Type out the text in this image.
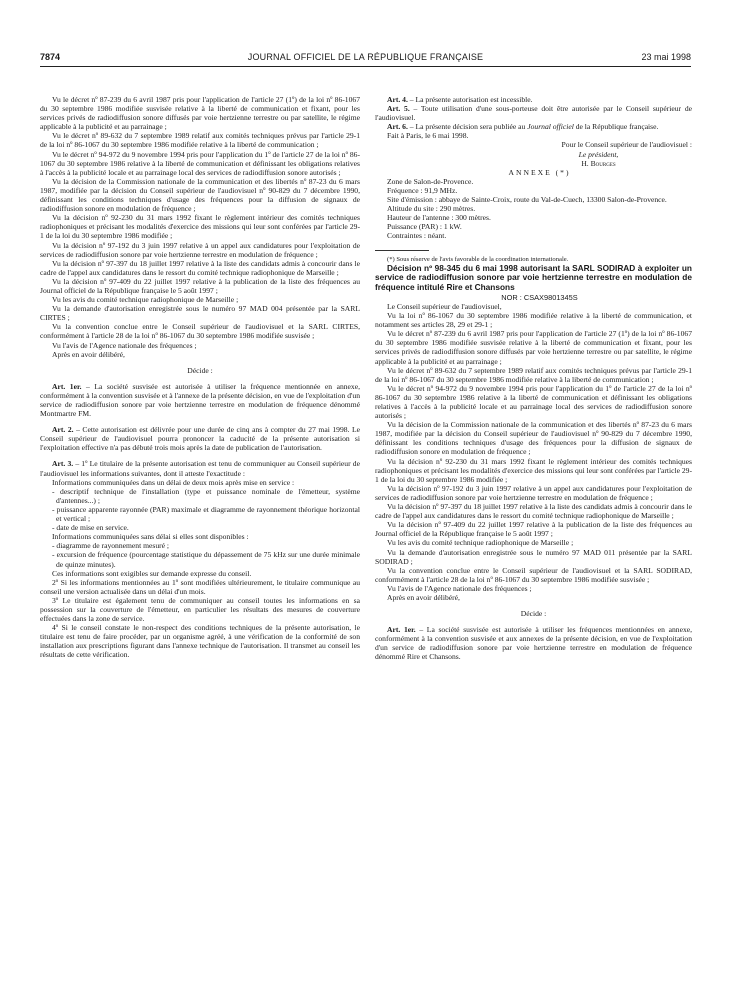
7874	JOURNAL OFFICIEL DE LA RÉPUBLIQUE FRANÇAISE	23 mai 1998

Vu le décret nº 87-239 du 6 avril 1987 pris pour l'application de l'article 27 (1º) de la loi nº 86-1067 du 30 septembre 1986 modifiée susvisée relative à la liberté de communication et fixant, pour les services privés de radiodiffusion sonore diffusés par voie hertzienne terrestre ou par satellite, le régime applicable à la publicité et au parrainage ;

Vu le décret nº 89-632 du 7 septembre 1989 relatif aux comités techniques prévus par l'article 29-1 de la loi nº 86-1067 du 30 septembre 1986 modifiée relative à la liberté de communication ;

Vu le décret nº 94-972 du 9 novembre 1994 pris pour l'application du 1º de l'article 27 de la loi nº 86-1067 du 30 septembre 1986 relative à la liberté de communication et définissant les obligations relatives à l'accès à la publicité locale et au parrainage local des services de radiodiffusion sonore autorisés ;

Vu la décision de la Commission nationale de la communication et des libertés nº 87-23 du 6 mars 1987, modifiée par la décision du Conseil supérieur de l'audiovisuel nº 90-829 du 7 décembre 1990, définissant les conditions techniques d'usage des fréquences pour la diffusion de signaux de radiodiffusion sonore en modulation de fréquence ;

Vu la décision nº 92-230 du 31 mars 1992 fixant le règlement intérieur des comités techniques radiophoniques et précisant les modalités d'exercice des missions qui leur sont conférées par l'article 29-1 de la loi du 30 septembre 1986 modifiée ;

Vu la décision nº 97-192 du 3 juin 1997 relative à un appel aux candidatures pour l'exploitation de services de radiodiffusion sonore par voie hertzienne terrestre en modulation de fréquence ;

Vu la décision nº 97-397 du 18 juillet 1997 relative à la liste des candidats admis à concourir dans le cadre de l'appel aux candidatures dans le ressort du comité technique radiophonique de Marseille ;

Vu la décision nº 97-409 du 22 juillet 1997 relative à la publication de la liste des fréquences au Journal officiel de la République française le 5 août 1997 ;

Vu les avis du comité technique radiophonique de Marseille ;

Vu la demande d'autorisation enregistrée sous le numéro 97 MAD 004 présentée par la SARL CIRTES ;

Vu la convention conclue entre le Conseil supérieur de l'audiovisuel et la SARL CIRTES, conformément à l'article 28 de la loi nº 86-1067 du 30 septembre 1986 modifiée susvisée ;

Vu l'avis de l'Agence nationale des fréquences ;

Après en avoir délibéré,

Décide :

Art. 1er. – La société susvisée est autorisée à utiliser la fréquence mentionnée en annexe, conformément à la convention susvisée et à l'annexe de la présente décision, en vue de l'exploitation d'un service de radiodiffusion sonore par voie hertzienne terrestre en modulation de fréquence dénommé Montmartre FM.

Art. 2. – Cette autorisation est délivrée pour une durée de cinq ans à compter du 27 mai 1998. Le Conseil supérieur de l'audiovisuel pourra prononcer la caducité de la présente autorisation si l'exploitation effective n'a pas débuté trois mois après la date de publication de l'autorisation.

Art. 3. – 1º Le titulaire de la présente autorisation est tenu de communiquer au Conseil supérieur de l'audiovisuel les informations suivantes, dont il atteste l'exactitude :

Informations communiquées dans un délai de deux mois après mise en service :

- descriptif technique de l'installation (type et puissance nominale de l'émetteur, système d'antennes...) ;

- puissance apparente rayonnée (PAR) maximale et diagramme de rayonnement théorique horizontal et vertical ;

- date de mise en service.

Informations communiquées sans délai si elles sont disponibles :

- diagramme de rayonnement mesuré ;

- excursion de fréquence (pourcentage statistique du dépassement de 75 kHz sur une durée minimale de quinze minutes).

Ces informations sont exigibles sur demande expresse du conseil.

2º Si les informations mentionnées au 1º sont modifiées ultérieurement, le titulaire communique au conseil une version actualisée dans un délai d'un mois.

3º Le titulaire est également tenu de communiquer au conseil toutes les informations en sa possession sur la couverture de l'émetteur, en particulier les résultats des mesures de couverture effectuées dans la zone de service.

4º Si le conseil constate le non-respect des conditions techniques de la présente autorisation, le titulaire est tenu de faire procéder, par un organisme agréé, à une vérification de la conformité de son installation aux prescriptions figurant dans l'annexe technique de l'autorisation. Il transmet au conseil les résultats de cette vérification.

Art. 4. – La présente autorisation est incessible.

Art. 5. – Toute utilisation d'une sous-porteuse doit être autorisée par le Conseil supérieur de l'audiovisuel.

Art. 6. – La présente décision sera publiée au Journal officiel de la République française.

Fait à Paris, le 6 mai 1998.

Pour le Conseil supérieur de l'audiovisuel :

Le président,

H. Bourges

ANNEXE (*)

Zone de Salon-de-Provence.

Fréquence : 91,9 MHz.

Site d'émission : abbaye de Sainte-Croix, route du Val-de-Cuech, 13300 Salon-de-Provence.

Altitude du site : 290 mètres.

Hauteur de l'antenne : 300 mètres.

Puissance (PAR) : 1 kW.

Contraintes : néant.

(*) Sous réserve de l'avis favorable de la coordination internationale.

Décision nº 98-345 du 6 mai 1998 autorisant la SARL SODIRAD à exploiter un service de radiodiffusion sonore par voie hertzienne terrestre en modulation de fréquence intitulé Rire et Chansons

NOR : CSAX9801345S

Le Conseil supérieur de l'audiovisuel,

Vu la loi nº 86-1067 du 30 septembre 1986 modifiée relative à la liberté de communication, et notamment ses articles 28, 29 et 29-1 ;

Vu le décret nº 87-239 du 6 avril 1987 pris pour l'application de l'article 27 (1º) de la loi nº 86-1067 du 30 septembre 1986 modifiée susvisée relative à la liberté de communication et fixant, pour les services privés de radiodiffusion sonore diffusés par voie hertzienne terrestre ou par satellite, le régime applicable à la publicité et au parrainage ;

Vu le décret nº 89-632 du 7 septembre 1989 relatif aux comités techniques prévus par l'article 29-1 de la loi nº 86-1067 du 30 septembre 1986 modifiée relative à la liberté de communication ;

Vu le décret nº 94-972 du 9 novembre 1994 pris pour l'application du 1º de l'article 27 de la loi nº 86-1067 du 30 septembre 1986 relative à la liberté de communication et définissant les obligations relatives à l'accès à la publicité locale et au parrainage local des services de radiodiffusion sonore autorisés ;

Vu la décision de la Commission nationale de la communication et des libertés nº 87-23 du 6 mars 1987, modifiée par la décision du Conseil supérieur de l'audiovisuel nº 90-829 du 7 décembre 1990, définissant les conditions techniques d'usage des fréquences pour la diffusion de signaux de radiodiffusion sonore en modulation de fréquence ;

Vu la décision nº 92-230 du 31 mars 1992 fixant le règlement intérieur des comités techniques radiophoniques et précisant les modalités d'exercice des missions qui leur sont conférées par l'article 29-1 de la loi du 30 septembre 1986 modifiée ;

Vu la décision nº 97-192 du 3 juin 1997 relative à un appel aux candidatures pour l'exploitation de services de radiodiffusion sonore par voie hertzienne terrestre en modulation de fréquence ;

Vu la décision nº 97-397 du 18 juillet 1997 relative à la liste des candidats admis à concourir dans le cadre de l'appel aux candidatures dans le ressort du comité technique radiophonique de Marseille ;

Vu la décision nº 97-409 du 22 juillet 1997 relative à la publication de la liste des fréquences au Journal officiel de la République française le 5 août 1997 ;

Vu les avis du comité technique radiophonique de Marseille ;

Vu la demande d'autorisation enregistrée sous le numéro 97 MAD 011 présentée par la SARL SODIRAD ;

Vu la convention conclue entre le Conseil supérieur de l'audiovisuel et la SARL SODIRAD, conformément à l'article 28 de la loi nº 86-1067 du 30 septembre 1986 modifiée susvisée ;

Vu l'avis de l'Agence nationale des fréquences ;

Après en avoir délibéré,

Décide :

Art. 1er. – La société susvisée est autorisée à utiliser les fréquences mentionnées en annexe, conformément à la convention susvisée et aux annexes de la présente décision, en vue de l'exploitation d'un service de radiodiffusion sonore par voie hertzienne terrestre en modulation de fréquence dénommé Rire et Chansons.
